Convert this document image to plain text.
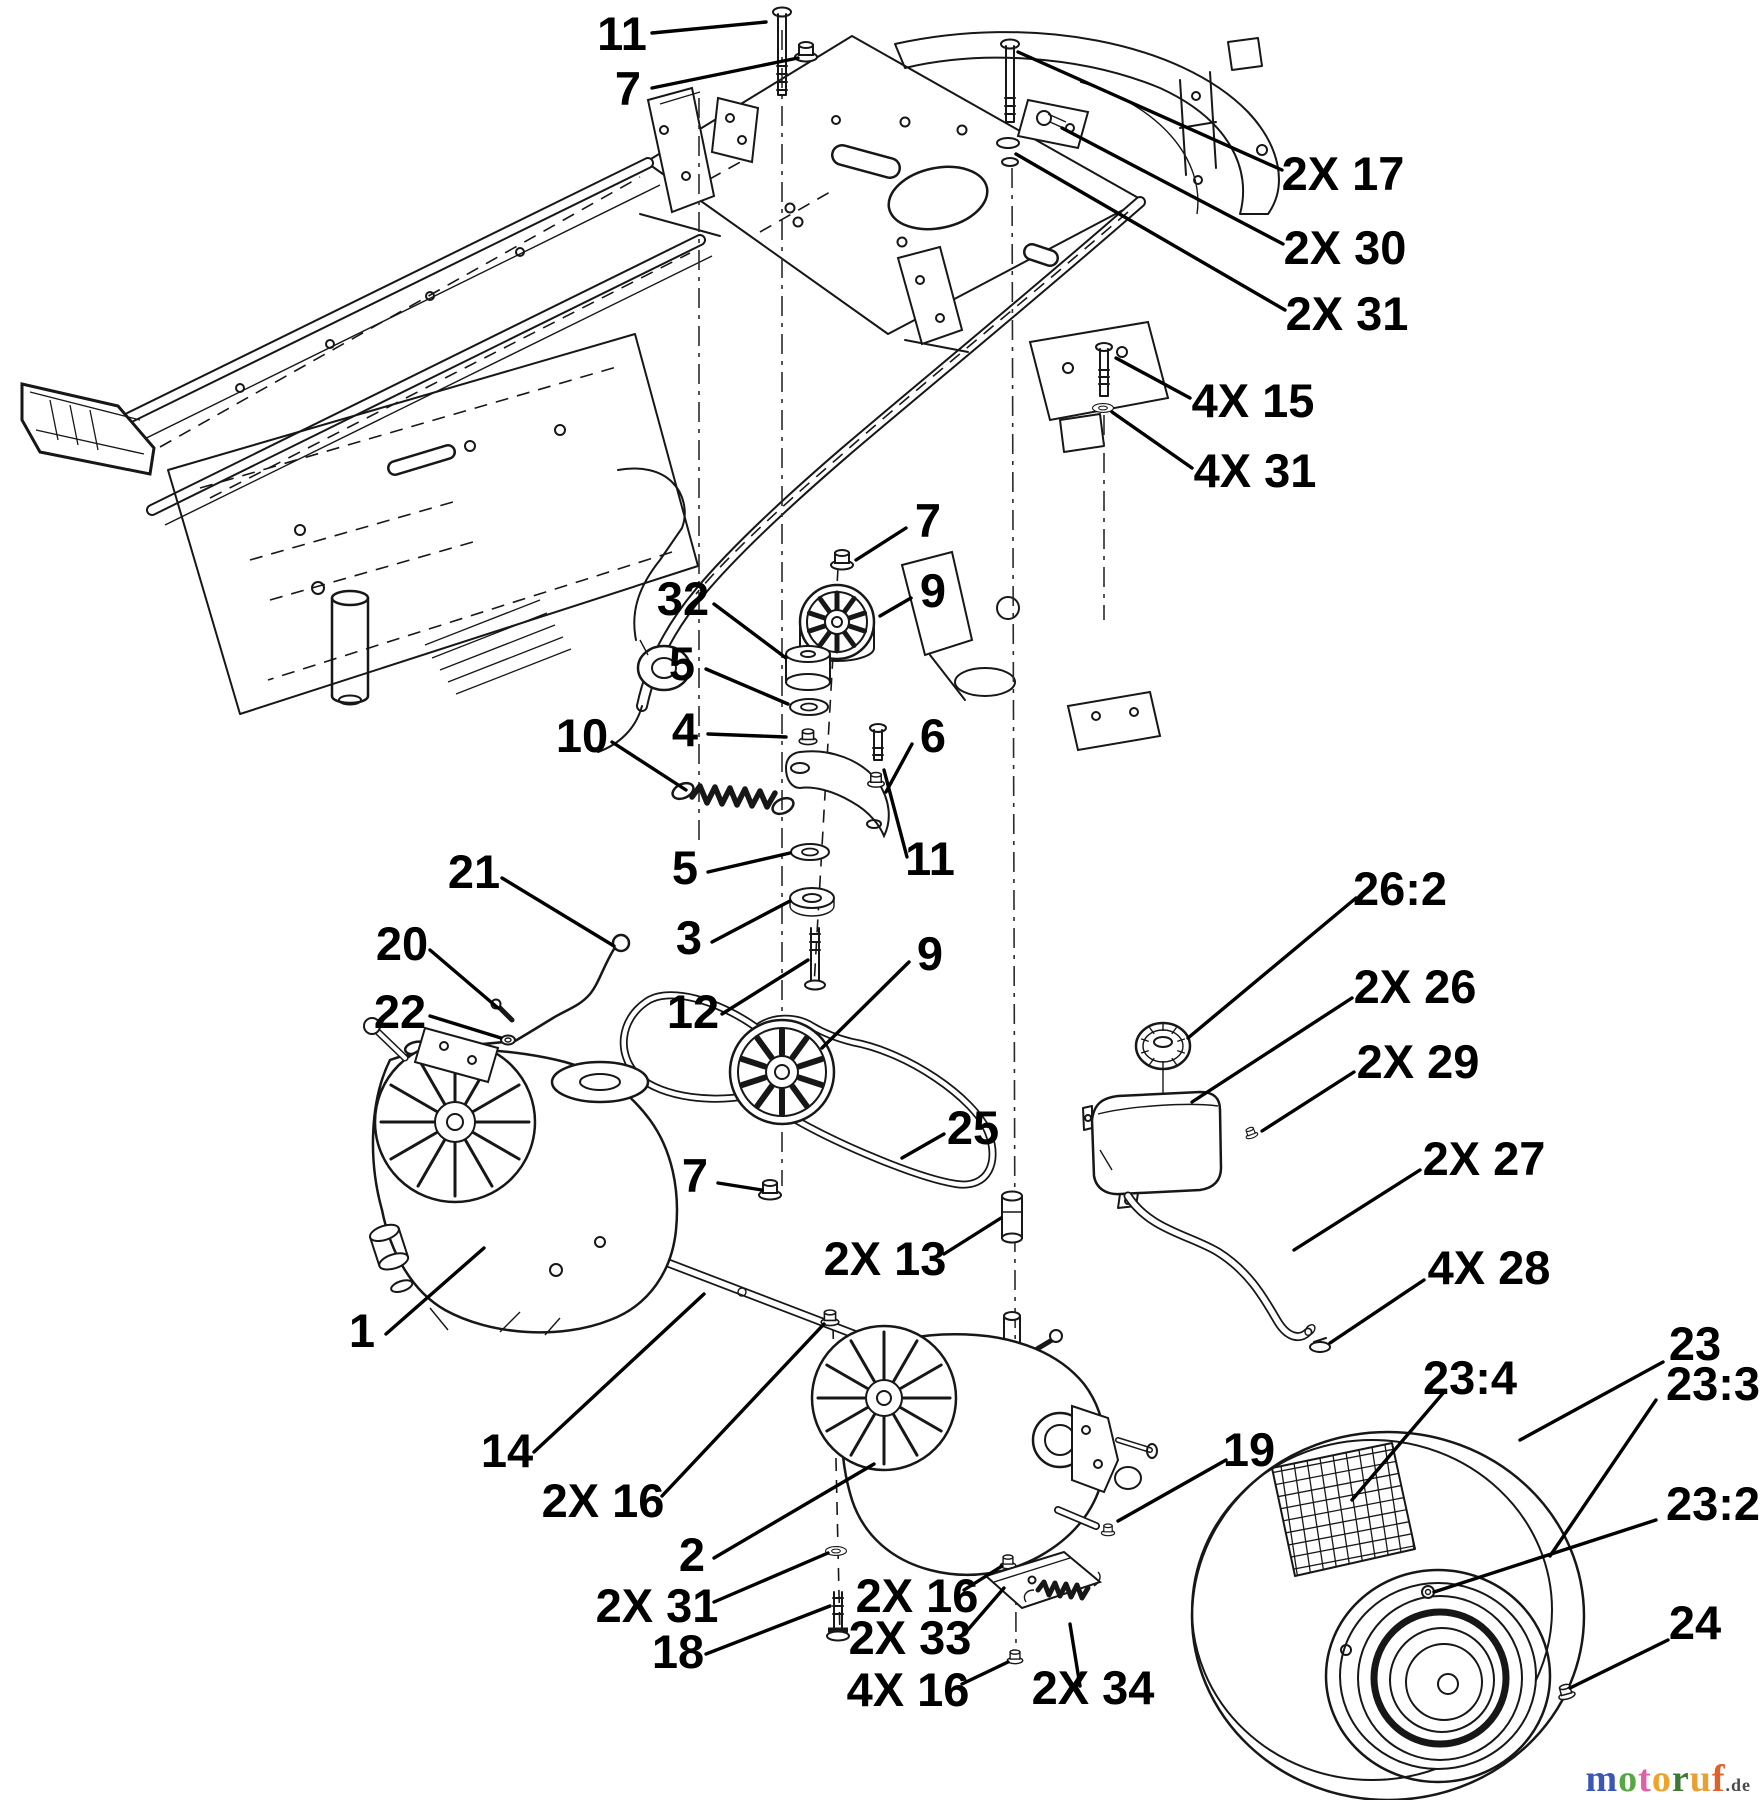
11
7
2X 17
2X 30
2X 31
4X 15
4X 31
7
9
32
5
4	6
10
5	11
3
12
21
20
22
9
25
7
2X 13
1
14
2X 16
2
2X 31
18
2X 16
2X 33
4X 16 2X 34
19
26:2
2X 26
2X 29
2X 27
4X 28
23:4
23
23:3
23:2
24
motoruf.de
